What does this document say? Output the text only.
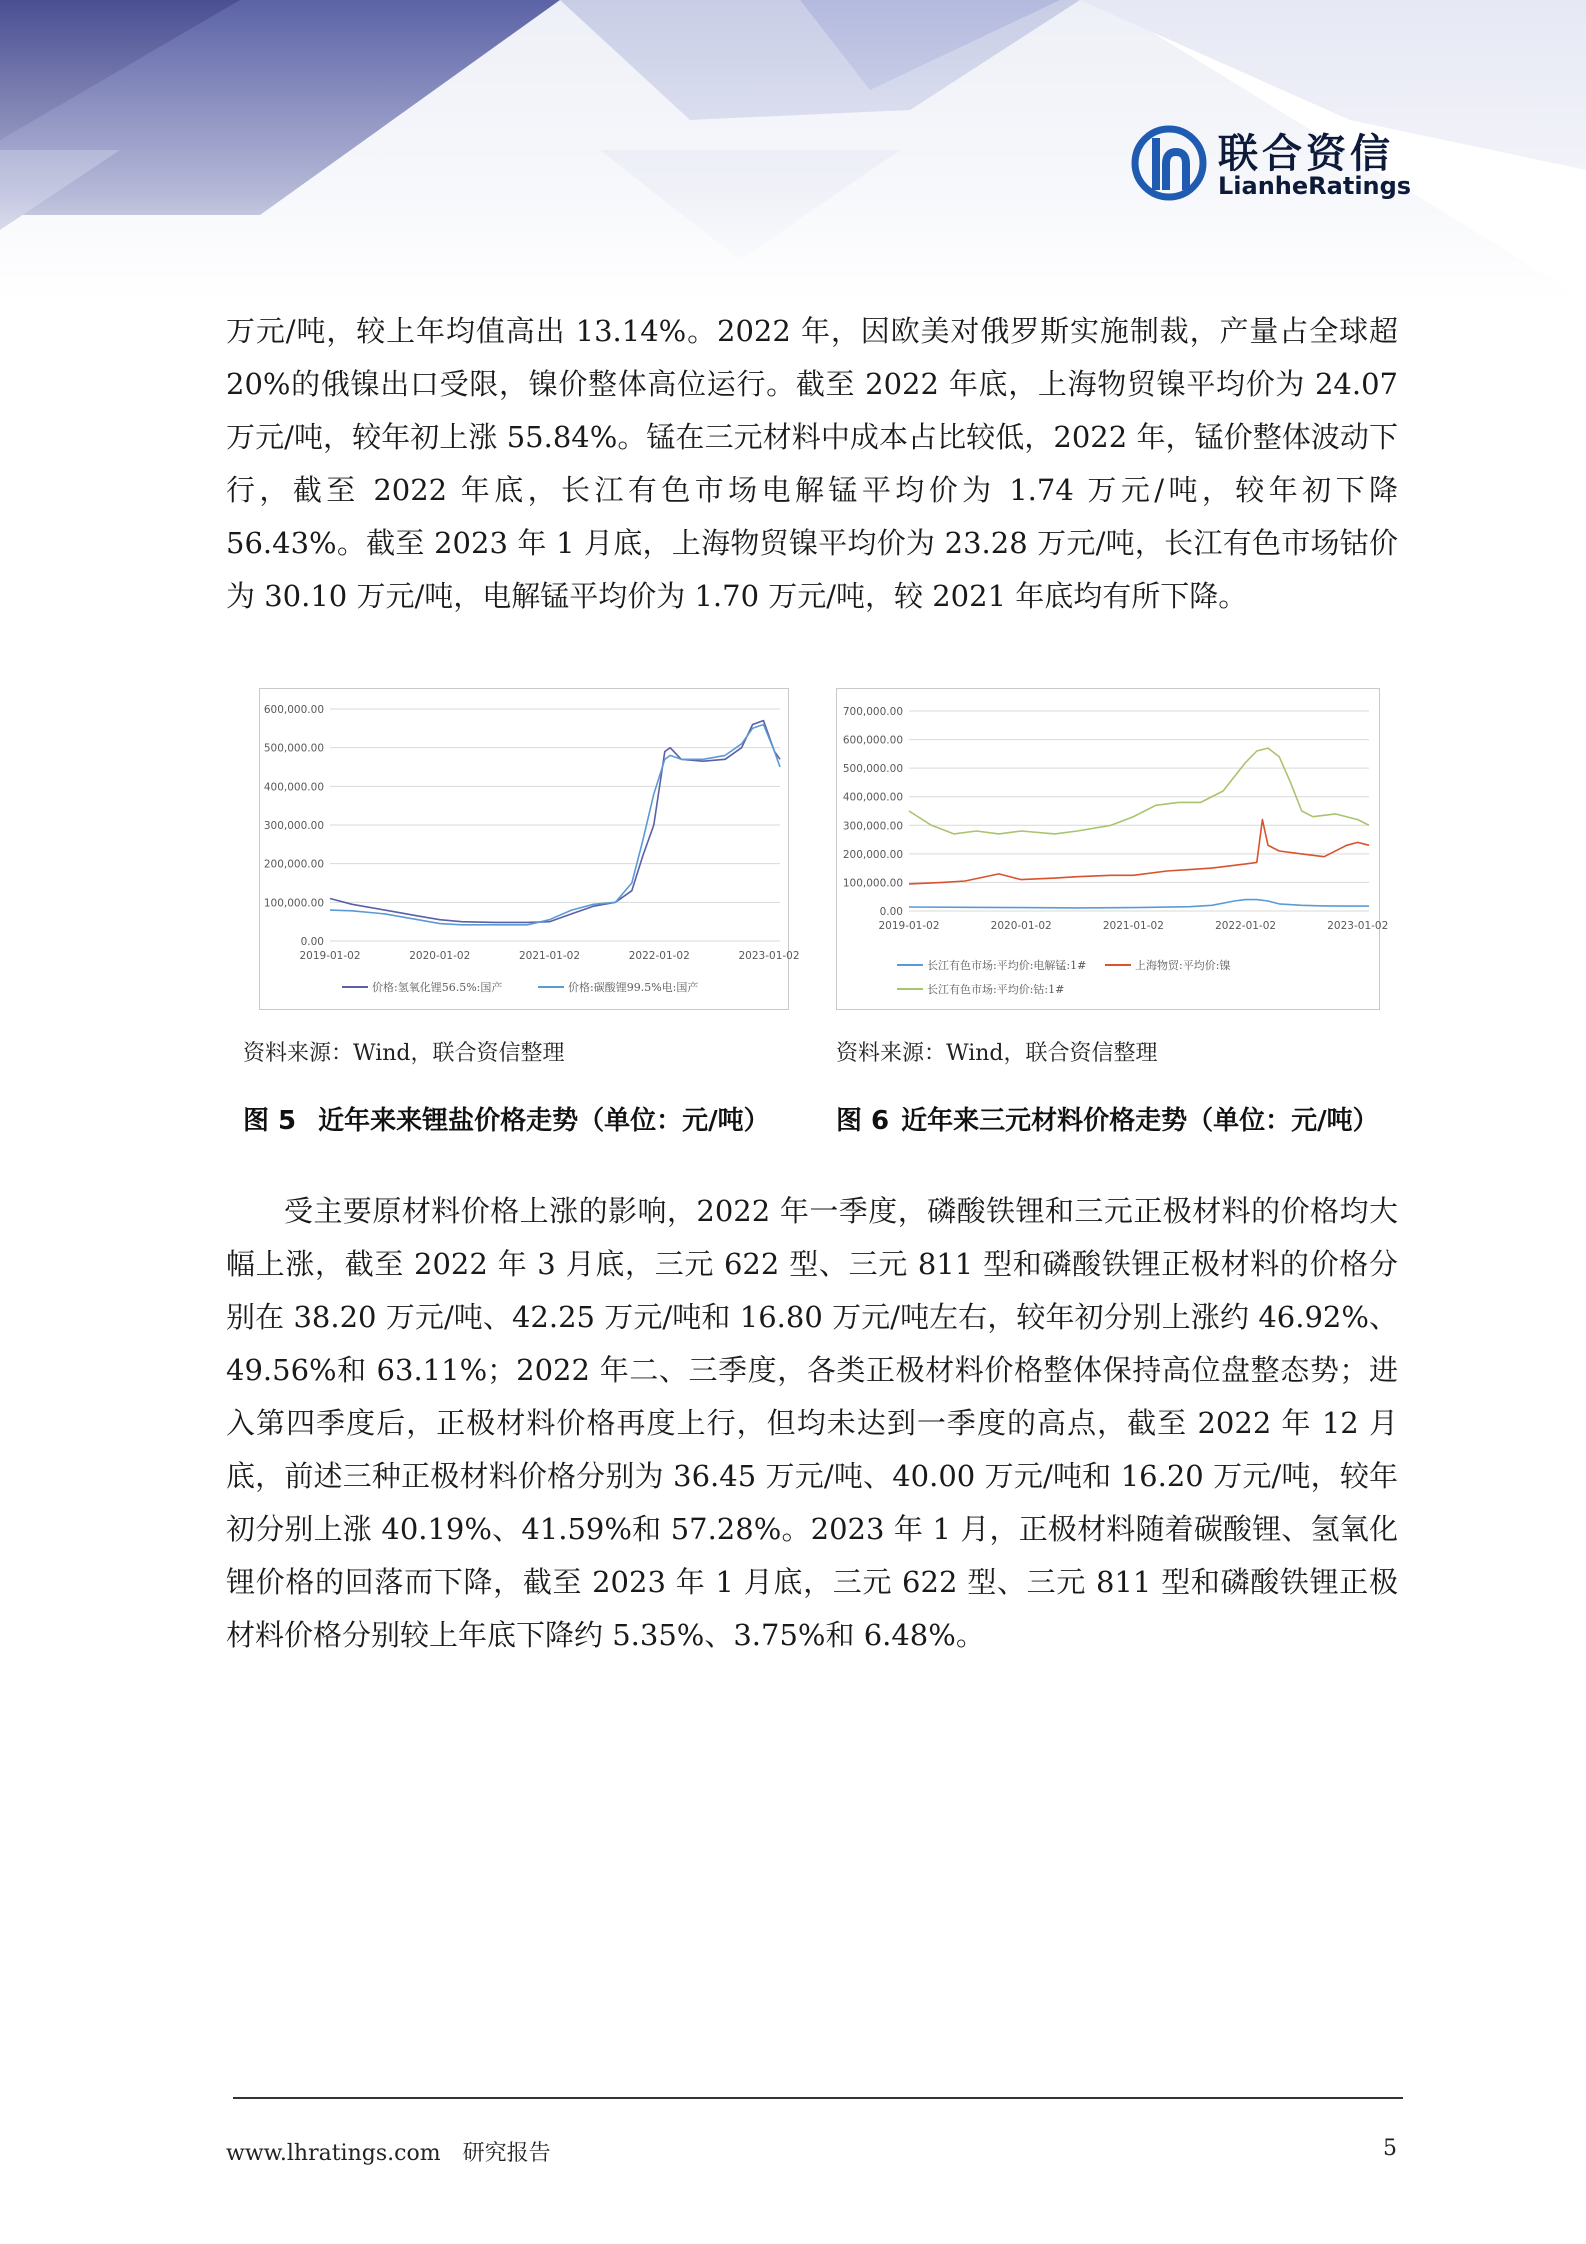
联合资信
LianheRatings

万元/吨，较上年均值高出 13.14%。2022 年，因欧美对俄罗斯实施制裁，产量占全球超 20%的俄镍出口受限，镍价整体高位运行。截至 2022 年底，上海物贸镍平均价为 24.07 万元/吨，较年初上涨 55.84%。锰在三元材料中成本占比较低，2022 年，锰价整体波动下行，截至 2022 年底，长江有色市场电解锰平均价为 1.74 万元/吨，较年初下降 56.43%。截至 2023 年 1 月底，上海物贸镍平均价为 23.28 万元/吨，长江有色市场钴价为 30.10 万元/吨，电解锰平均价为 1.70 万元/吨，较 2021 年底均有所下降。

0.00
100,000.00
200,000.00
300,000.00
400,000.00
500,000.00
600,000.00
2019-01-02	2020-01-02	2021-01-02	2022-01-02	2023-01-02
价格:氢氧化锂56.5%:国产	价格:碳酸锂99.5%电:国产
0.00
100,000.00
200,000.00
300,000.00
400,000.00
500,000.00
600,000.00
700,000.00
2019-01-02	2020-01-02	2021-01-02	2022-01-02	2023-01-02
长江有色市场:平均价:电解锰:1#	上海物贸:平均价:镍
长江有色市场:平均价:钴:1#
资料来源：Wind，联合资信整理	资料来源：Wind，联合资信整理
图 5 近年来来锂盐价格走势（单位：元/吨）	图 6 近年来三元材料价格走势（单位：元/吨）

受主要原材料价格上涨的影响，2022 年一季度，磷酸铁锂和三元正极材料的价格均大幅上涨，截至 2022 年 3 月底，三元 622 型、三元 811 型和磷酸铁锂正极材料的价格分别在 38.20 万元/吨、42.25 万元/吨和 16.80 万元/吨左右，较年初分别上涨约 46.92%、49.56%和 63.11%；2022 年二、三季度，各类正极材料价格整体保持高位盘整态势；进入第四季度后，正极材料价格再度上行，但均未达到一季度的高点，截至 2022 年 12 月底，前述三种正极材料价格分别为 36.45 万元/吨、40.00 万元/吨和 16.20 万元/吨，较年初分别上涨 40.19%、41.59%和 57.28%。2023 年 1 月，正极材料随着碳酸锂、氢氧化锂价格的回落而下降，截至 2023 年 1 月底，三元 622 型、三元 811 型和磷酸铁锂正极材料价格分别较上年底下降约 5.35%、3.75%和 6.48%。

www.lhratings.com 研究报告	5
